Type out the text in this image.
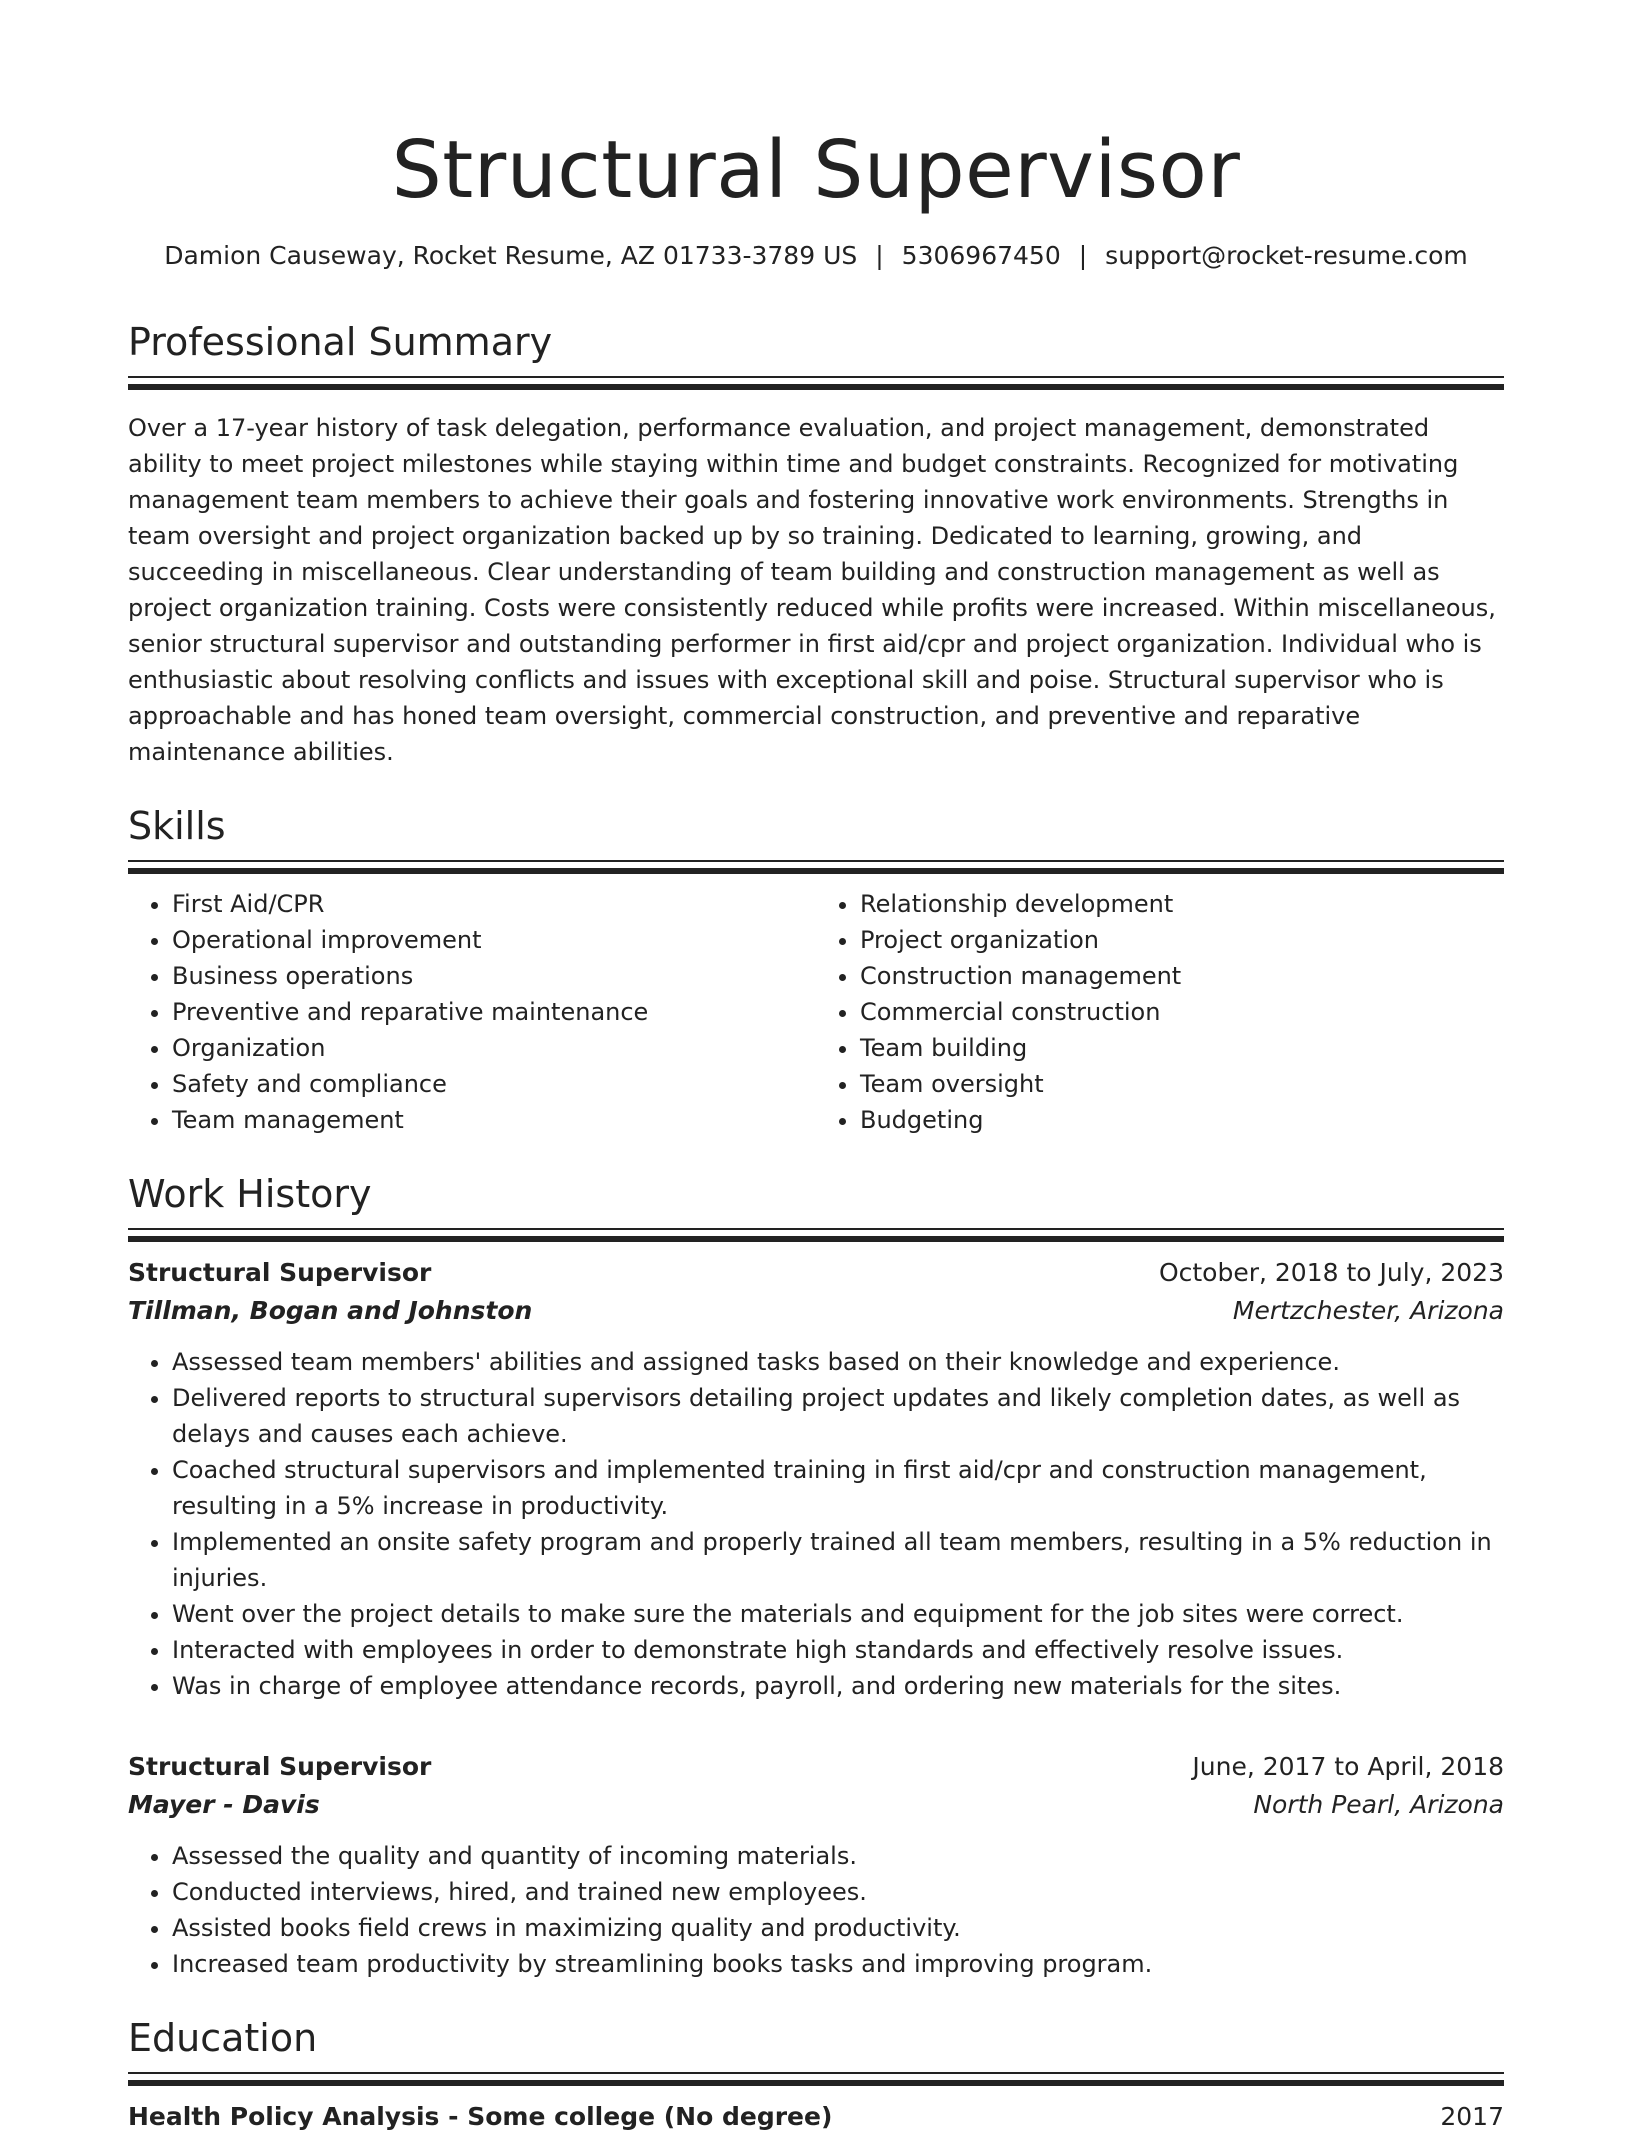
Structural Supervisor
Damion Causeway, Rocket Resume, AZ 01733-3789 US | 5306967450 | support@rocket-resume.com
Professional Summary

Over a 17-year history of task delegation, performance evaluation, and project management, demonstrated ability to meet project milestones while staying within time and budget constraints. Recognized for motivating management team members to achieve their goals and fostering innovative work environments. Strengths in team oversight and project organization backed up by so training. Dedicated to learning, growing, and succeeding in miscellaneous. Clear understanding of team building and construction management as well as project organization training. Costs were consistently reduced while profits were increased. Within miscellaneous, senior structural supervisor and outstanding performer in first aid/cpr and project organization. Individual who is enthusiastic about resolving conflicts and issues with exceptional skill and poise. Structural supervisor who is approachable and has honed team oversight, commercial construction, and preventive and reparative maintenance abilities.

Skills
• First Aid/CPR
• Operational improvement
• Business operations
• Preventive and reparative maintenance
• Organization
• Safety and compliance
• Team management
• Relationship development
• Project organization
• Construction management
• Commercial construction
• Team building
• Team oversight
• Budgeting
Work History
Structural Supervisor	October, 2018 to July, 2023
Tillman, Bogan and Johnston	Mertzchester, Arizona
• Assessed team members' abilities and assigned tasks based on their knowledge and experience.
• Delivered reports to structural supervisors detailing project updates and likely completion dates, as well as delays and causes each achieve.
• Coached structural supervisors and implemented training in first aid/cpr and construction management, resulting in a 5% increase in productivity.
• Implemented an onsite safety program and properly trained all team members, resulting in a 5% reduction in injuries.
• Went over the project details to make sure the materials and equipment for the job sites were correct.
• Interacted with employees in order to demonstrate high standards and effectively resolve issues.
• Was in charge of employee attendance records, payroll, and ordering new materials for the sites.
Structural Supervisor	June, 2017 to April, 2018
Mayer - Davis	North Pearl, Arizona
• Assessed the quality and quantity of incoming materials.
• Conducted interviews, hired, and trained new employees.
• Assisted books field crews in maximizing quality and productivity.
• Increased team productivity by streamlining books tasks and improving program.
Education
Health Policy Analysis - Some college (No degree)	2017
